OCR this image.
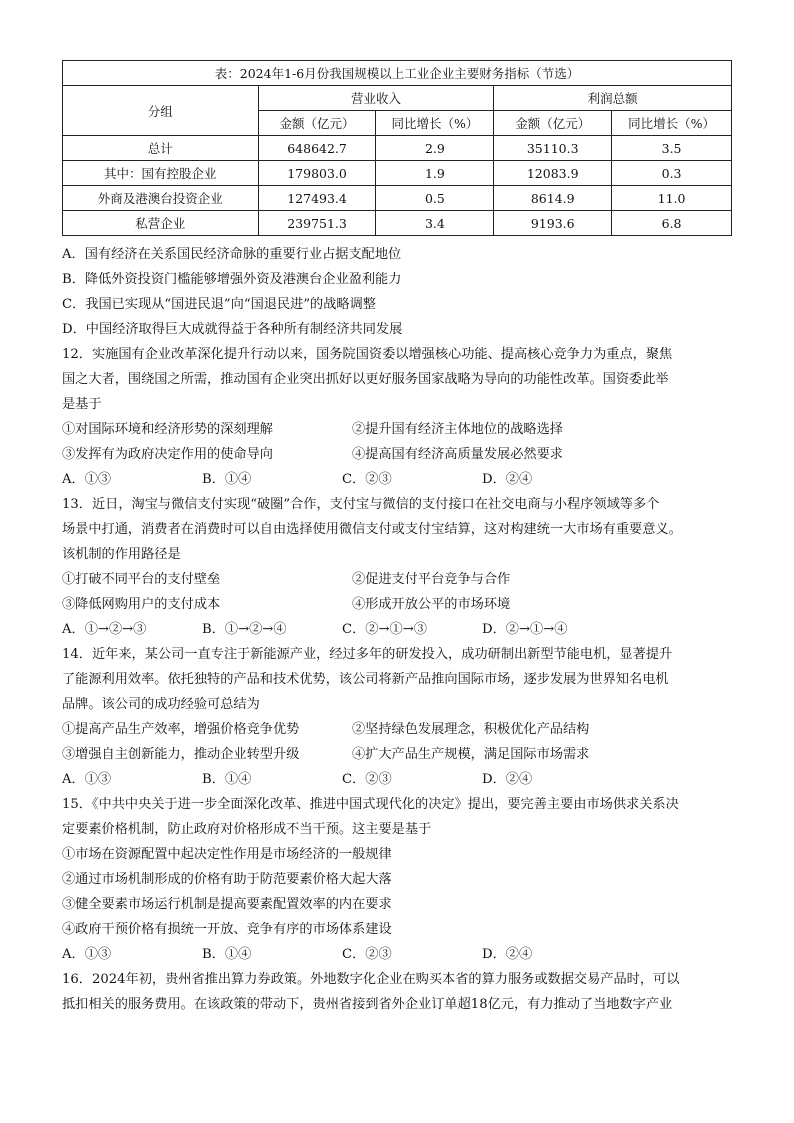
表：2024年1-6月份我国规模以上工业企业主要财务指标（节选）				
分组	营业收入		利润总额	
	金额（亿元）	同比增长（%）	金额（亿元）	同比增长（%）
总计	648642.7	2.9	35110.3	3.5
其中：国有控股企业	179803.0	1.9	12083.9	0.3
外商及港澳台投资企业	127493.4	0.5	8614.9	11.0
私营企业	239751.3	3.4	9193.6	6.8
A．国有经济在关系国民经济命脉的重要行业占据支配地位
B．降低外资投资门槛能够增强外资及港澳台企业盈利能力
C．我国已实现从“国进民退”向“国退民进”的战略调整
D．中国经济取得巨大成就得益于各种所有制经济共同发展
12．实施国有企业改革深化提升行动以来，国务院国资委以增强核心功能、提高核心竞争力为重点，聚焦
国之大者，围绕国之所需，推动国有企业突出抓好以更好服务国家战略为导向的功能性改革。国资委此举
是基于
①对国际环境和经济形势的深刻理解	②提升国有经济主体地位的战略选择
③发挥有为政府决定作用的使命导向	④提高国有经济高质量发展必然要求
A．①③	B．①④	C．②③	D．②④
13．近日，淘宝与微信支付实现“破圈”合作，支付宝与微信的支付接口在社交电商与小程序领域等多个
场景中打通，消费者在消费时可以自由选择使用微信支付或支付宝结算，这对构建统一大市场有重要意义。
该机制的作用路径是
①打破不同平台的支付壁垒	②促进支付平台竞争与合作
③降低网购用户的支付成本	④形成开放公平的市场环境
A．①→②→③	B．①→②→④	C．②→①→③	D．②→①→④
14．近年来，某公司一直专注于新能源产业，经过多年的研发投入，成功研制出新型节能电机，显著提升
了能源利用效率。依托独特的产品和技术优势，该公司将新产品推向国际市场，逐步发展为世界知名电机
品牌。该公司的成功经验可总结为
①提高产品生产效率，增强价格竞争优势	②坚持绿色发展理念，积极优化产品结构
③增强自主创新能力，推动企业转型升级	④扩大产品生产规模，满足国际市场需求
A．①③	B．①④	C．②③	D．②④
15．《中共中央关于进一步全面深化改革、推进中国式现代化的决定》提出，要完善主要由市场供求关系决
定要素价格机制，防止政府对价格形成不当干预。这主要是基于
①市场在资源配置中起决定性作用是市场经济的一般规律
②通过市场机制形成的价格有助于防范要素价格大起大落
③健全要素市场运行机制是提高要素配置效率的内在要求
④政府干预价格有损统一开放、竞争有序的市场体系建设
A．①③	B．①④	C．②③	D．②④
16．2024年初，贵州省推出算力券政策。外地数字化企业在购买本省的算力服务或数据交易产品时，可以
抵扣相关的服务费用。在该政策的带动下，贵州省接到省外企业订单超18亿元，有力推动了当地数字产业
